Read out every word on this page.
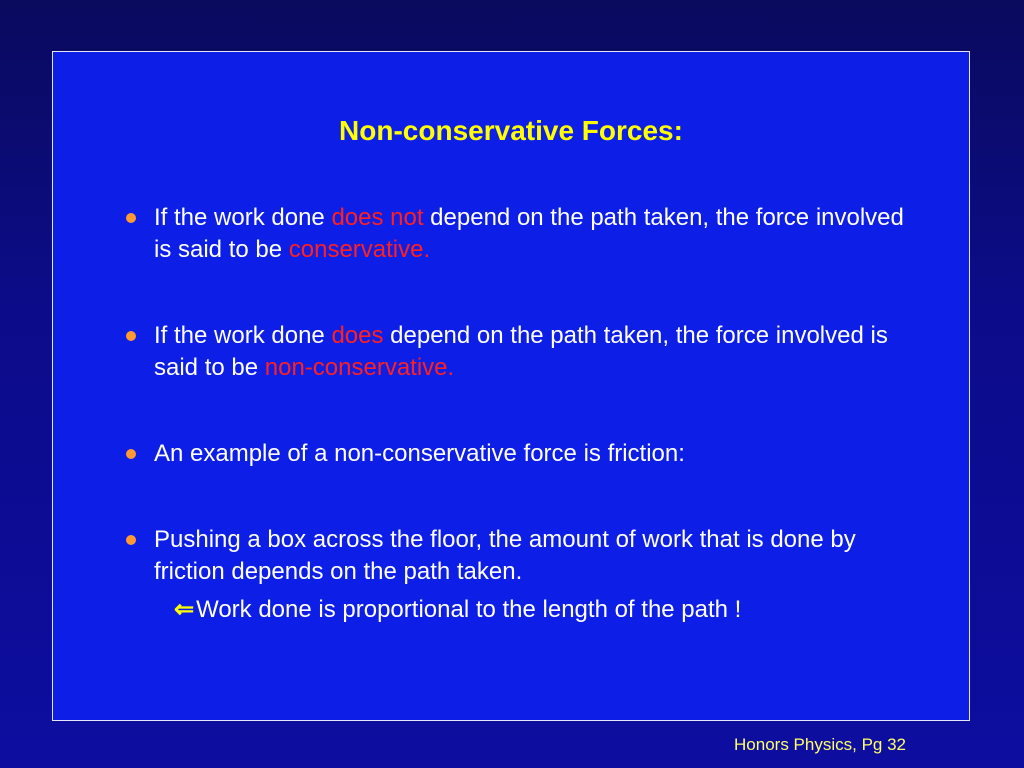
Non-conservative Forces:
If the work done does not depend on the path taken, the force involved is said to be conservative.
If the work done does depend on the path taken, the force involved is said to be non-conservative.
An example of a non-conservative force is friction:
Pushing a box across the floor, the amount of work that is done by friction depends on the path taken.
⇐Work done is proportional to the length of the path !
Honors Physics, Pg 32
